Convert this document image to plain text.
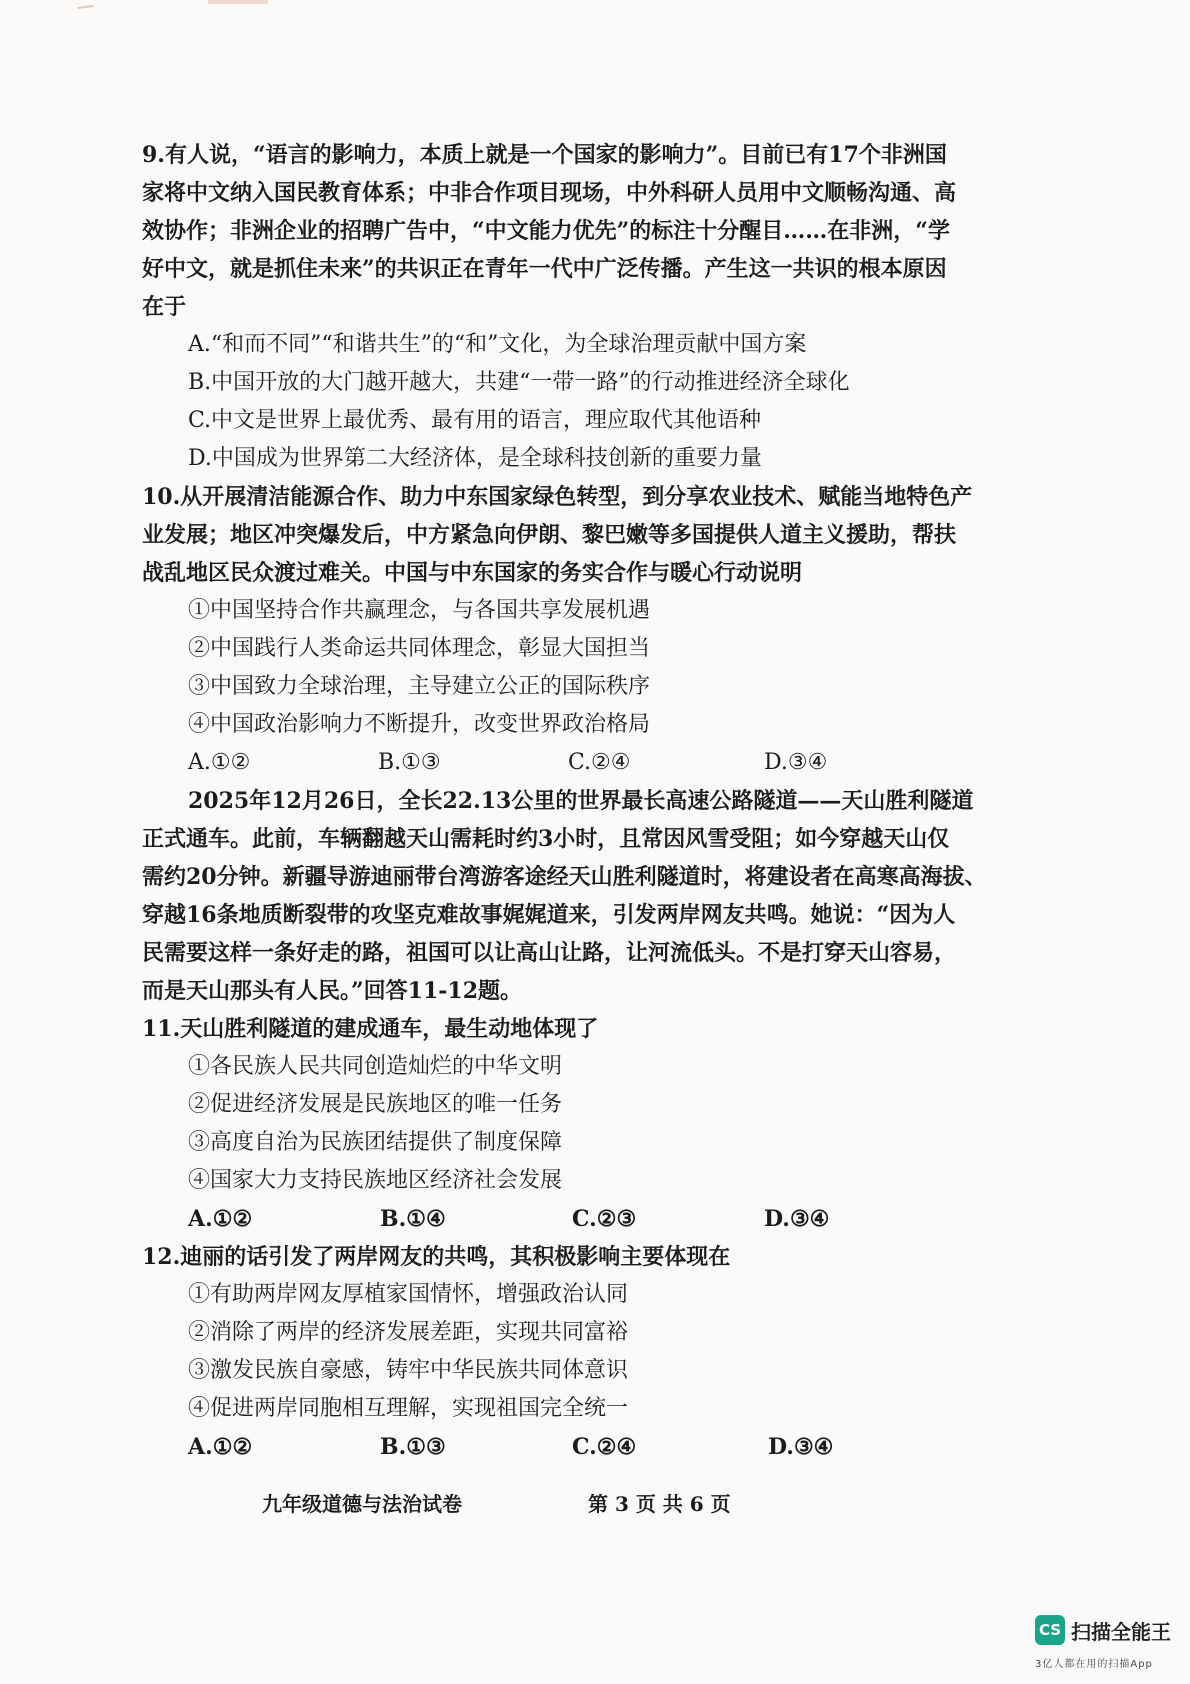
9.有人说，“语言的影响力，本质上就是一个国家的影响力”。目前已有17个非洲国
家将中文纳入国民教育体系；中非合作项目现场，中外科研人员用中文顺畅沟通、高
效协作；非洲企业的招聘广告中，“中文能力优先”的标注十分醒目……在非洲，“学
好中文，就是抓住未来”的共识正在青年一代中广泛传播。产生这一共识的根本原因
在于
A.“和而不同”“和谐共生”的“和”文化，为全球治理贡献中国方案
B.中国开放的大门越开越大，共建“一带一路”的行动推进经济全球化
C.中文是世界上最优秀、最有用的语言，理应取代其他语种
D.中国成为世界第二大经济体，是全球科技创新的重要力量
10.从开展清洁能源合作、助力中东国家绿色转型，到分享农业技术、赋能当地特色产
业发展；地区冲突爆发后，中方紧急向伊朗、黎巴嫩等多国提供人道主义援助，帮扶
战乱地区民众渡过难关。中国与中东国家的务实合作与暖心行动说明
①中国坚持合作共赢理念，与各国共享发展机遇
②中国践行人类命运共同体理念，彰显大国担当
③中国致力全球治理，主导建立公正的国际秩序
④中国政治影响力不断提升，改变世界政治格局
A.①②	B.①③	C.②④	D.③④
2025年12月26日，全长22.13公里的世界最长高速公路隧道——天山胜利隧道
正式通车。此前，车辆翻越天山需耗时约3小时，且常因风雪受阻；如今穿越天山仅
需约20分钟。新疆导游迪丽带台湾游客途经天山胜利隧道时，将建设者在高寒高海拔、
穿越16条地质断裂带的攻坚克难故事娓娓道来，引发两岸网友共鸣。她说：“因为人
民需要这样一条好走的路，祖国可以让高山让路，让河流低头。不是打穿天山容易，
而是天山那头有人民。”回答11-12题。
11.天山胜利隧道的建成通车，最生动地体现了
①各民族人民共同创造灿烂的中华文明
②促进经济发展是民族地区的唯一任务
③高度自治为民族团结提供了制度保障
④国家大力支持民族地区经济社会发展
A.①②	B.①④	C.②③	D.③④
12.迪丽的话引发了两岸网友的共鸣，其积极影响主要体现在
①有助两岸网友厚植家国情怀，增强政治认同
②消除了两岸的经济发展差距，实现共同富裕
③激发民族自豪感，铸牢中华民族共同体意识
④促进两岸同胞相互理解，实现祖国完全统一
A.①②	B.①③	C.②④	D.③④
九年级道德与法治试卷	第 3 页 共 6 页
CS 扫描全能王
3亿人都在用的扫描App
